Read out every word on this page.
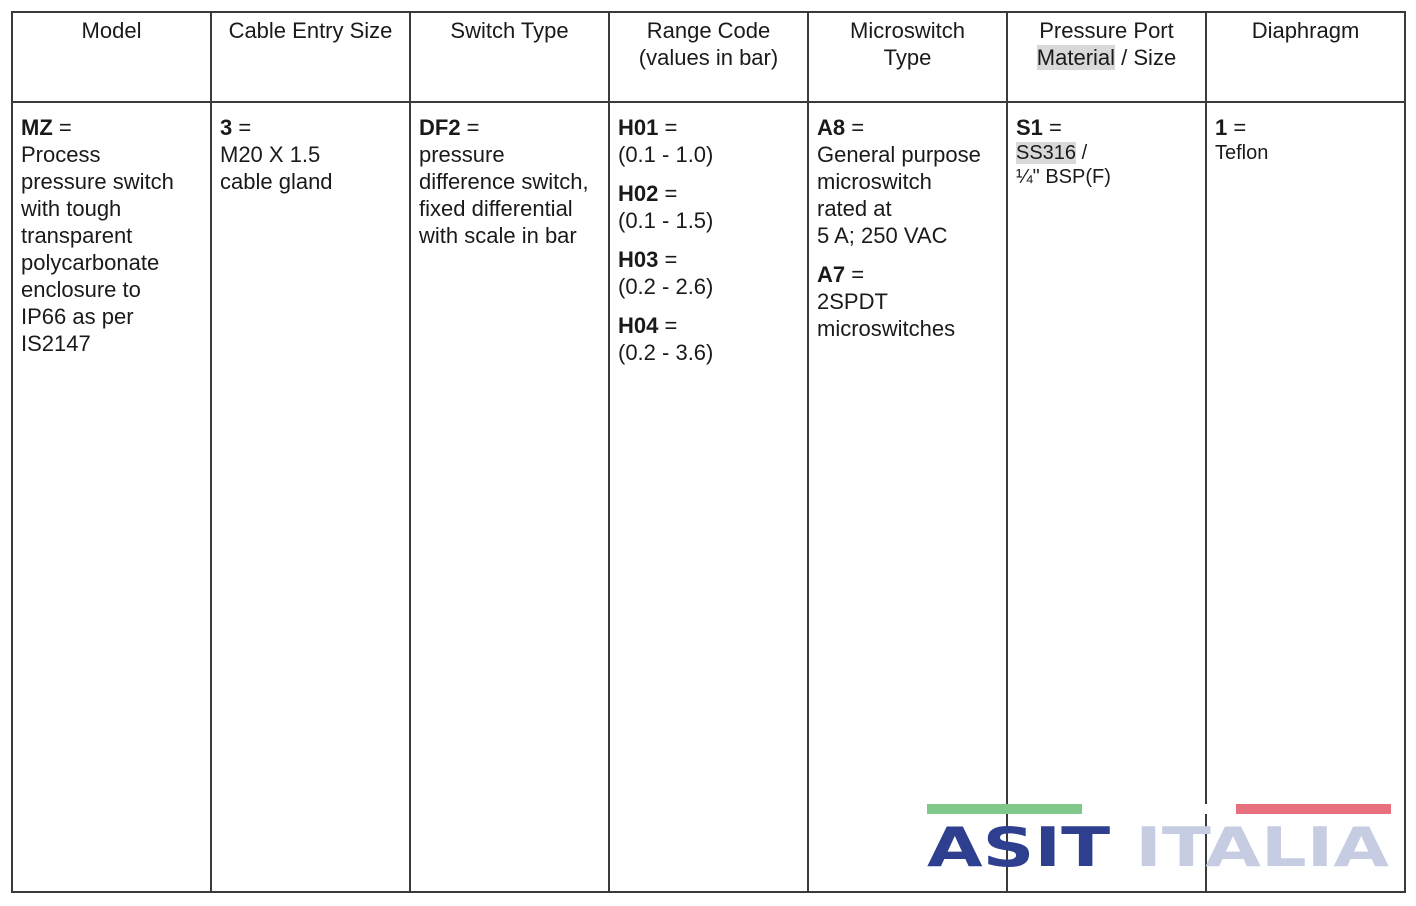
Model
MZ =
Process
pressure switch
with tough
transparent
polycarbonate
enclosure to
IP66 as per
IS2147
Cable Entry Size
3 =
M20 X 1.5
cable gland
Switch Type
DF2 =
pressure
difference switch,
fixed differential
with scale in bar
Range Code
(values in bar)
H01 =
(0.1 - 1.0)
H02 =
(0.1 - 1.5)
H03 =
(0.2 - 2.6)
H04 =
(0.2 - 3.6)
Microswitch
Type
A8 =
General purpose
microswitch
rated at
5 A; 250 VAC
A7 =
2SPDT
microswitches
Pressure Port
Material / Size
S1 =
SS316 /
¼" BSP(F)
Diaphragm
1 =
Teflon
ASIT ITALIA
